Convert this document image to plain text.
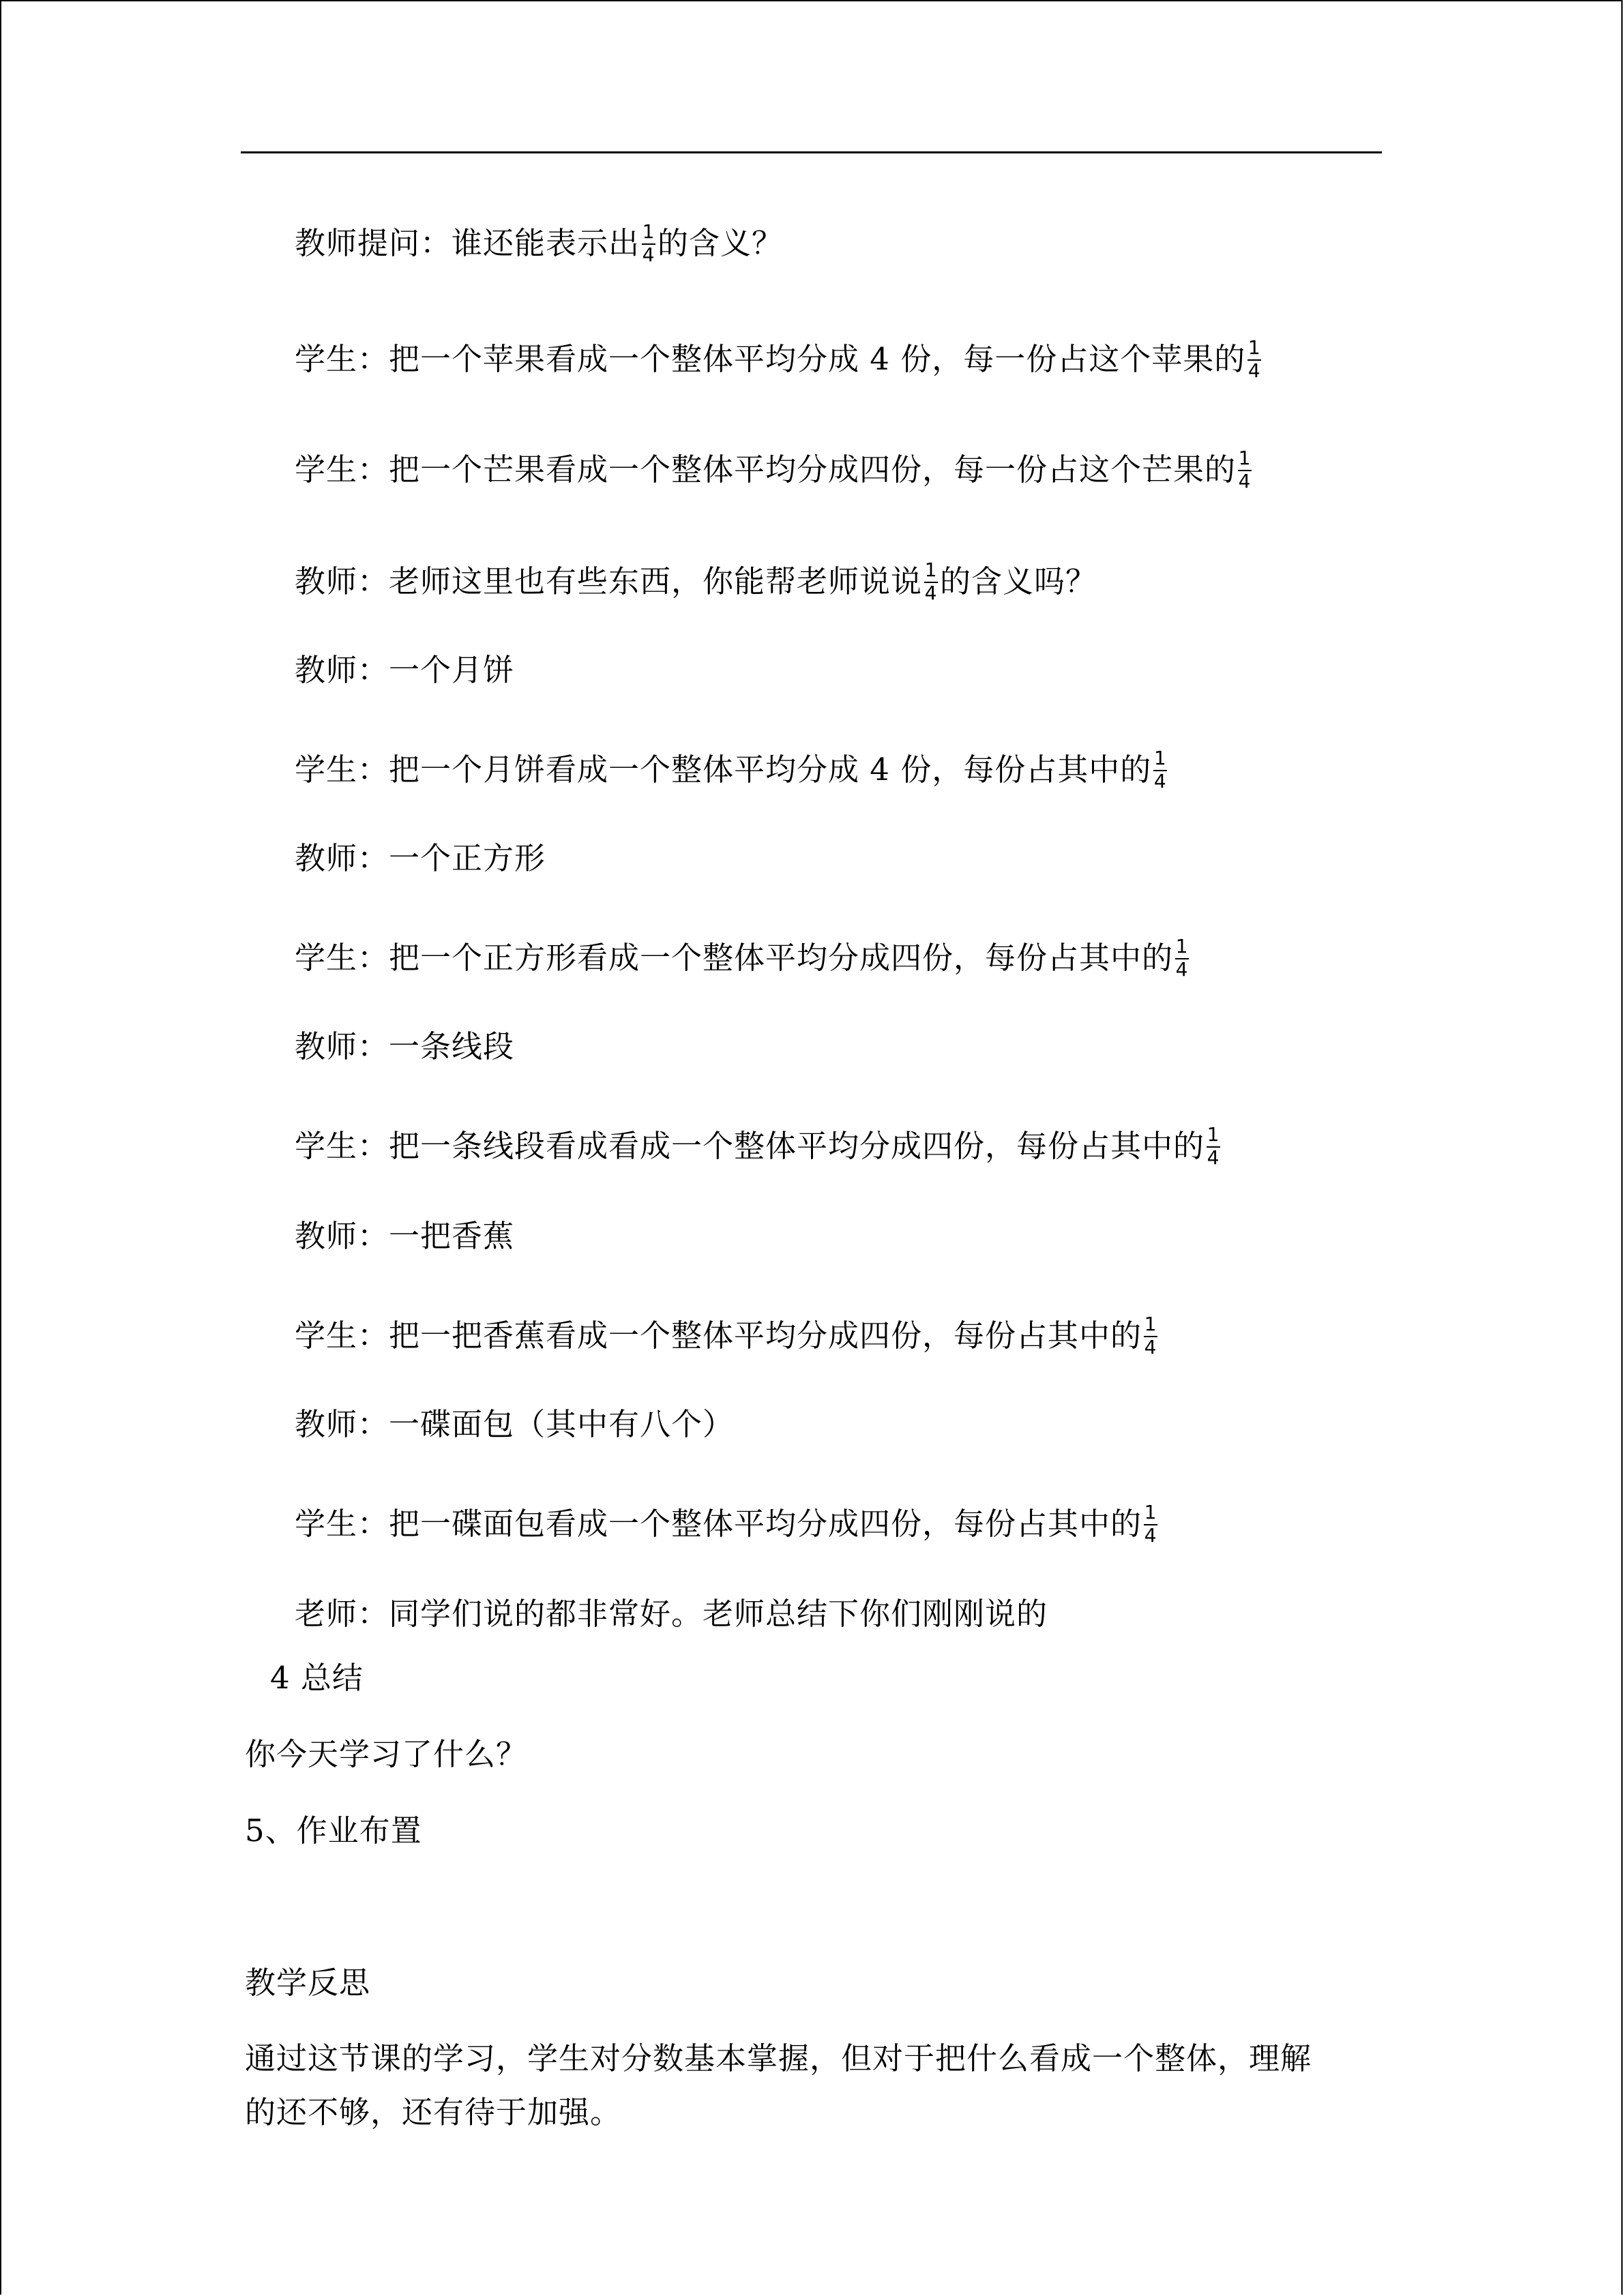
教师提问：谁还能表示出 $\frac{1}{4}$ 的含义？
学生：把一个苹果看成一个整体平均分成 4 份，每一份占这个苹果的 $\frac{1}{4}$
学生：把一个芒果看成一个整体平均分成四份，每一份占这个芒果的 $\frac{1}{4}$
教师：老师这里也有些东西，你能帮老师说说 $\frac{1}{4}$ 的含义吗？
教师：一个月饼
学生：把一个月饼看成一个整体平均分成 4 份，每份占其中的 $\frac{1}{4}$
教师：一个正方形
学生：把一个正方形看成一个整体平均分成四份，每份占其中的 $\frac{1}{4}$
教师：一条线段
学生：把一条线段看成看成一个整体平均分成四份，每份占其中的 $\frac{1}{4}$
教师：一把香蕉
学生：把一把香蕉看成一个整体平均分成四份，每份占其中的 $\frac{1}{4}$
教师：一碟面包（其中有八个）
学生：把一碟面包看成一个整体平均分成四份，每份占其中的 $\frac{1}{4}$
老师：同学们说的都非常好。老师总结下你们刚刚说的
4 总结
你今天学习了什么？
5、作业布置
教学反思
通过这节课的学习，学生对分数基本掌握，但对于把什么看成一个整体，理解
的还不够，还有待于加强。
